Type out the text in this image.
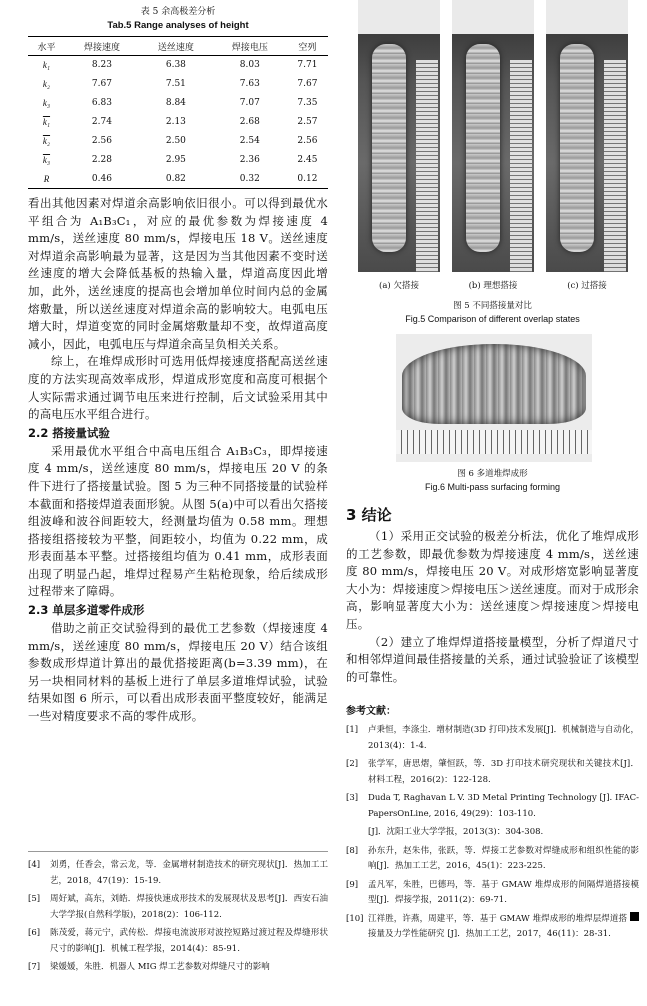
表 5 余高极差分析
Tab.5 Range analyses of height
水平	焊接速度	送丝速度	焊接电压	空列
k₁	8.23	6.38	8.03	7.71
k₂	7.67	7.51	7.63	7.67
k₃	6.83	8.84	7.07	7.35
k₁	2.74	2.13	2.68	2.57
k₂	2.56	2.50	2.54	2.56
k₃	2.28	2.95	2.36	2.45
R	0.46	0.82	0.32	0.12

看出其他因素对焊道余高影响依旧很小。可以得到最优水平组合为 A₁B₃C₁，对应的最优参数为焊接速度 4 mm/s，送丝速度 80 mm/s，焊接电压 18 V。送丝速度对焊道余高影响最为显著，这是因为当其他因素不变时送丝速度的增大会降低基板的热输入量，焊道高度因此增加，此外，送丝速度的提高也会增加单位时间内总的金属熔敷量，所以送丝速度对焊道余高的影响较大。电弧电压增大时，焊道变宽的同时金属熔敷量却不变，故焊道高度减小，因此，电弧电压与焊道余高呈负相关关系。

综上，在堆焊成形时可选用低焊接速度搭配高送丝速度的方法实现高效率成形，焊道成形宽度和高度可根据个人实际需求通过调节电压来进行控制，后文试验采用其中的高电压水平组合进行。

2.2 搭接量试验

采用最优水平组合中高电压组合 A₁B₃C₃，即焊接速度 4 mm/s，送丝速度 80 mm/s，焊接电压 20 V 的条件下进行了搭接量试验。图 5 为三种不同搭接量的试验样本截面和搭接焊道表面形貌。从图 5(a)中可以看出欠搭接组波峰和波谷间距较大，经测量均值为 0.58 mm。理想搭接组搭接较为平整，间距较小，均值为 0.22 mm，成形表面基本平整。过搭接组均值为 0.41 mm，成形表面出现了明显凸起，堆焊过程易产生粘枪现象，给后续成形过程带来了障碍。

2.3 单层多道零件成形

借助之前正交试验得到的最优工艺参数（焊接速度 4 mm/s，送丝速度 80 mm/s，焊接电压 20 V）结合该组参数成形焊道计算出的最优搭接距离(b=3.39 mm)，在另一块相同材料的基板上进行了单层多道堆焊试验，试验结果如图 6 所示，可以看出成形表面平整度较好，能满足一些对精度要求不高的零件成形。

[4]	刘勇，任香会，常云龙，等．金属增材制造技术的研究现状[J]．热加工工艺，2018，47(19)：15-19.
[5]	周好斌，高东，刘皓．焊接快速成形技术的发展现状及思考[J]．西安石油大学学报(自然科学版)，2018(2)：106-112.
[6]	陈茂爱，蒋元宁，武传松．焊接电流波形对波控短路过渡过程及焊缝形状尺寸的影响[J]．机械工程学报，2014(4)：85-91.
[7]	梁媛媛，朱胜．机器人 MIG 焊工艺参数对焊缝尺寸的影响
(a) 欠搭接	(b) 理想搭接	(c) 过搭接
图 5 不同搭接量对比
Fig.5 Comparison of different overlap states
图 6 多道堆焊成形
Fig.6 Multi-pass surfacing forming
3 结论

（1）采用正交试验的极差分析法，优化了堆焊成形的工艺参数，即最优参数为焊接速度 4 mm/s，送丝速度 80 mm/s，焊接电压 20 V。对成形熔宽影响显著度大小为：焊接速度＞焊接电压＞送丝速度。而对于成形余高，影响显著度大小为：送丝速度＞焊接速度＞焊接电压。

（2）建立了堆焊焊道搭接量模型，分析了焊道尺寸和相邻焊道间最佳搭接量的关系，通过试验验证了该模型的可靠性。

参考文献：
[1]	卢秉恒，李涤尘．增材制造(3D 打印)技术发展[J]．机械制造与自动化，2013(4)：1-4.
[2]	张学军，唐思熠，肇恒跃，等．3D 打印技术研究现状和关键技术[J]．材料工程，2016(2)：122-128.
[3]	Duda T, Raghavan L V. 3D Metal Printing Technology [J]. IFAC-PapersOnLine, 2016, 49(29)：103-110.
[J]．沈阳工业大学学报，2013(3)：304-308.
[8]	孙东升，赵朱伟，张跃，等．焊接工艺参数对焊缝成形和组织性能的影响[J]．热加工工艺，2016，45(1)：223-225.
[9]	孟凡军，朱胜，巴德玛，等．基于 GMAW 堆焊成形的间隔焊道搭接模型[J]．焊接学报，2011(2)：69-71.
[10] 江祥胜，许燕，周建平，等．基于 GMAW 堆焊成形的堆焊层焊道搭接量及力学性能研究 [J]．热加工工艺，2017，46(11)：28-31.
